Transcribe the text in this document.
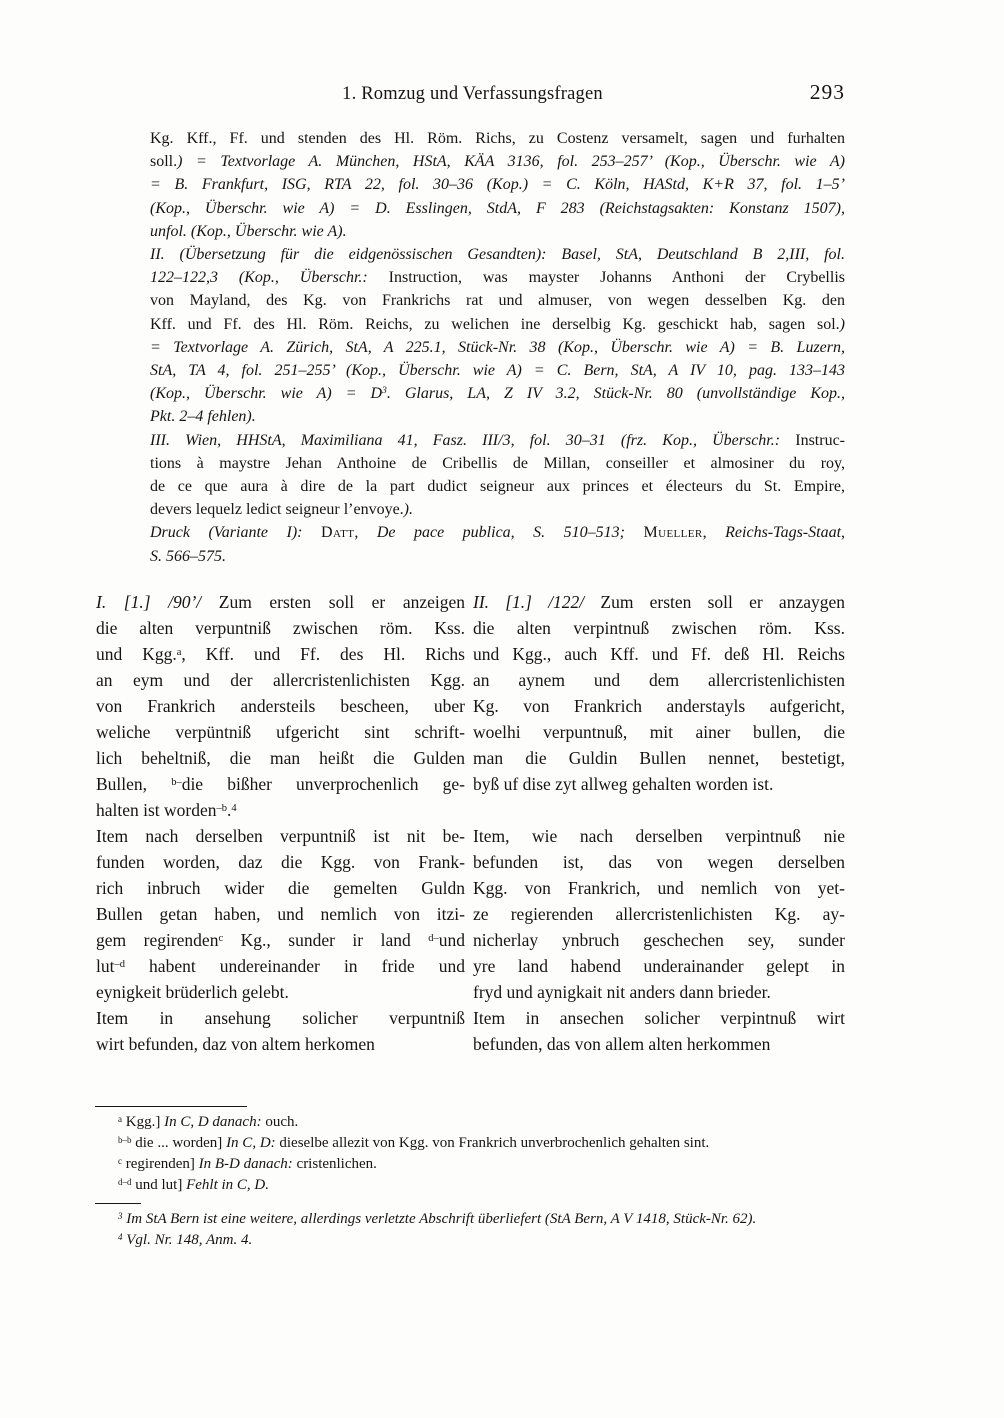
1. Romzug und Verfassungsfragen	293
Kg. Kff., Ff. und stenden des Hl. Röm. Richs, zu Costenz versamelt, sagen und furhalten
soll.) = Textvorlage A. München, HStA, KÄA 3136, fol. 253–257’ (Kop., Überschr. wie A)
= B. Frankfurt, ISG, RTA 22, fol. 30–36 (Kop.) = C. Köln, HAStd, K+R 37, fol. 1–5’
(Kop., Überschr. wie A) = D. Esslingen, StdA, F 283 (Reichstagsakten: Konstanz 1507),
unfol. (Kop., Überschr. wie A).
II. (Übersetzung für die eidgenössischen Gesandten): Basel, StA, Deutschland B 2,III, fol.
122–122,3 (Kop., Überschr.: Instruction, was mayster Johanns Anthoni der Crybellis
von Mayland, des Kg. von Frankrichs rat und almuser, von wegen desselben Kg. den
Kff. und Ff. des Hl. Röm. Reichs, zu welichen ine derselbig Kg. geschickt hab, sagen sol.)
= Textvorlage A. Zürich, StA, A 225.1, Stück-Nr. 38 (Kop., Überschr. wie A) = B. Luzern,
StA, TA 4, fol. 251–255’ (Kop., Überschr. wie A) = C. Bern, StA, A IV 10, pag. 133–143
(Kop., Überschr. wie $A) = D^3$. Glarus, LA, Z IV 3.2, Stück-Nr. 80 (unvollständige Kop.,
Pkt. 2–4 fehlen).
III. Wien, HHStA, Maximiliana 41, Fasz. III/3, fol. 30–31 (frz. Kop., Überschr.: Instruc-
tions à maystre Jehan Anthoine de Cribellis de Millan, conseiller et almosiner du roy,
de ce que aura à dire de la part dudict seigneur aux princes et électeurs du St. Empire,
devers lequelz ledict seigneur l’envoye.).
Druck (Variante I): Datt, De pace publica, S. 510–513; Mueller, Reichs-Tags-Staat,
S. 566–575.
I. [1.] /90’/ Zum ersten soll er anzeigen
die alten verpuntniß zwischen röm. Kss.
und Kgg.$^a$, Kff. und Ff. des Hl. Richs
an eym und der allercristenlichisten Kgg.
von Frankrich andersteils bescheen, uber
weliche verpüntniß ufgericht sint schrift-
lich beheltniß, die man heißt die Gulden
Bullen, $^{b-}$die bißher unverprochenlich ge-
halten ist worden$^{-b}$.$^4$
II. [1.] /122/ Zum ersten soll er anzaygen
die alten verpintnuß zwischen röm. Kss.
und Kgg., auch Kff. und Ff. deß Hl. Reichs
an aynem und dem allercristenlichisten
Kg. von Frankrich anderstayls aufgericht,
woelhi verpuntnuß, mit ainer bullen, die
man die Guldin Bullen nennet, bestetigt,
byß uf dise zyt allweg gehalten worden ist.
Item nach derselben verpuntniß ist nit be-
funden worden, daz die Kgg. von Frank-
rich inbruch wider die gemelten Guldn
Bullen getan haben, und nemlich von itzi-
gem regirenden$^c$ Kg., sunder ir land $^{d-}$und
lut$^{-d}$ habent undereinander in fride und
eynigkeit brüderlich gelebt.
Item in ansehung solicher verpuntniß
wirt befunden, daz von altem herkomen
Item, wie nach derselben verpintnuß nie
befunden ist, das von wegen derselben
Kgg. von Frankrich, und nemlich von yet-
ze regierenden allercristenlichisten Kg. ay-
nicherlay ynbruch geschechen sey, sunder
yre land habend underainander gelept in
fryd und aynigkait nit anders dann brieder.
Item in ansechen solicher verpintnuß wirt
befunden, das von allem alten herkommen
$^a$ Kgg.] In C, D danach: ouch.
$^{b-b}$ die ... worden] In C, D: dieselbe allezit von Kgg. von Frankrich unverbrochenlich gehalten sint.
$^c$ regirenden] In B-D danach: cristenlichen.
$^{d-d}$ und lut] Fehlt in C, D.
$^3$ Im StA Bern ist eine weitere, allerdings verletzte Abschrift überliefert (StA Bern, A V 1418, Stück-Nr. 62).
$^4$ Vgl. Nr. 148, Anm. 4.
